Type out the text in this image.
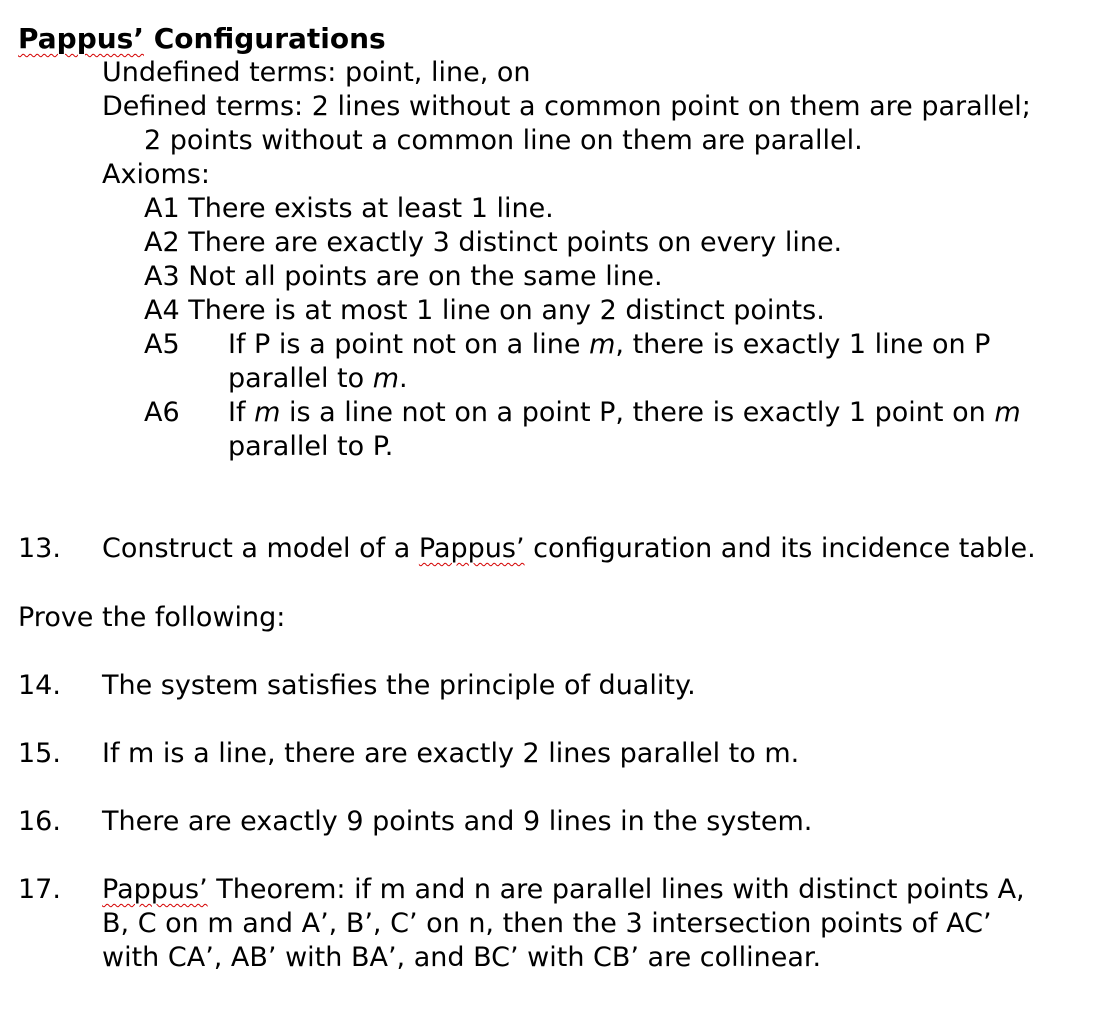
Pappus’ Configurations
Undefined terms: point, line, on
Defined terms: 2 lines without a common point on them are parallel;
2 points without a common line on them are parallel.
Axioms:
A1 There exists at least 1 line.
A2 There are exactly 3 distinct points on every line.
A3 Not all points are on the same line.
A4 There is at most 1 line on any 2 distinct points.
A5 If P is a point not on a line m, there is exactly 1 line on P
parallel to m.
A6 If m is a line not on a point P, there is exactly 1 point on m
parallel to P.
13. Construct a model of a Pappus’ configuration and its incidence table.
Prove the following:
14. The system satisfies the principle of duality.
15. If m is a line, there are exactly 2 lines parallel to m.
16. There are exactly 9 points and 9 lines in the system.
17. Pappus’ Theorem: if m and n are parallel lines with distinct points A,
B, C on m and A’, B’, C’ on n, then the 3 intersection points of AC’
with CA’, AB’ with BA’, and BC’ with CB’ are collinear.
